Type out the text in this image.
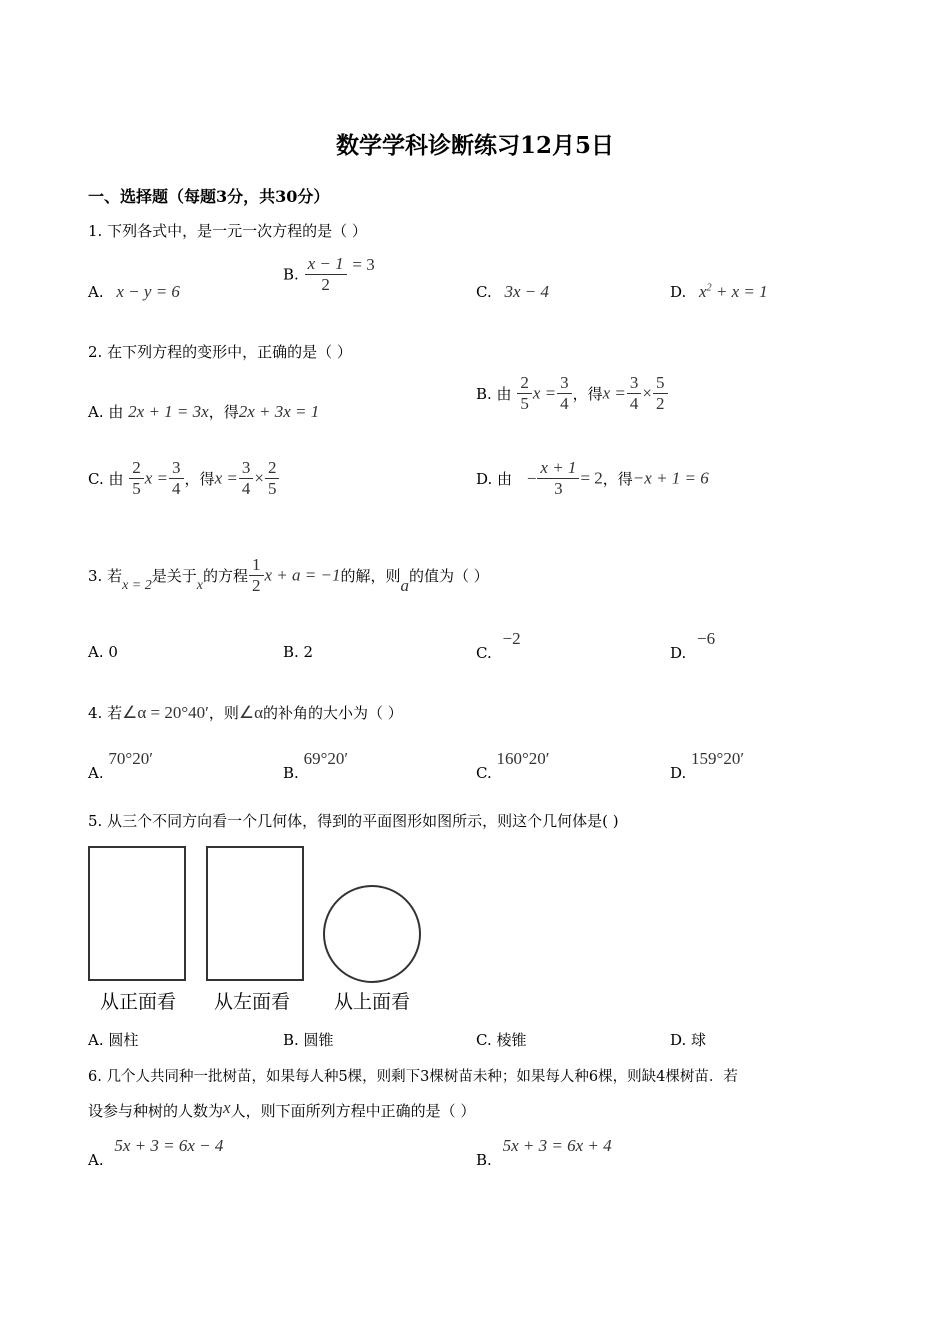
数学学科诊断练习12月5日
一、选择题（每题3分，共30分）
1. 下列各式中，是一元一次方程的是（ ）
A. x − y = 6
B. $\frac{x - 1}{2} = 3$
C. 3x − 4	D. $x^2 + x = 1$
2. 在下列方程的变形中，正确的是（ ）
A. 由 2x + 1 = 3x，得2x + 3x = 1
B. 由 $\frac{2}{5}$ $x = \frac{3}{4}$ ，得$x = \frac{3}{4} \times \frac{5}{2}$
C. 由 $\frac{2}{5}$ $x = \frac{3}{4}$ ，得$x = \frac{3}{4} \times \frac{2}{5}$	D. 由 − $\frac{x + 1}{3} = 2$，得−x + 1 = 6
3. 若x = 2是关于x的方程 $\frac{1}{2}$ x + a = −1的解，则a的值为（ ）
A. 0	B. 2	C. −2
D. −6
4. 若∠α = 20°40′，则∠α的补角的大小为（ ）
A. 70°20′
B. 69°20′
C. 160°20′
D. 159°20′
5. 从三个不同方向看一个几何体，得到的平面图形如图所示，则这个几何体是( )
从正面看 从左面看 从上面看
A. 圆柱	B. 圆锥	C. 棱锥	D. 球
6. 几个人共同种一批树苗，如果每人种5棵，则剩下3棵树苗未种；如果每人种6棵，则缺4棵树苗．若
设参与种树的人数为x人，则下面所列方程中正确的是（ ）
A. 5x + 3 = 6x − 4
B. 5x + 3 = 6x + 4
